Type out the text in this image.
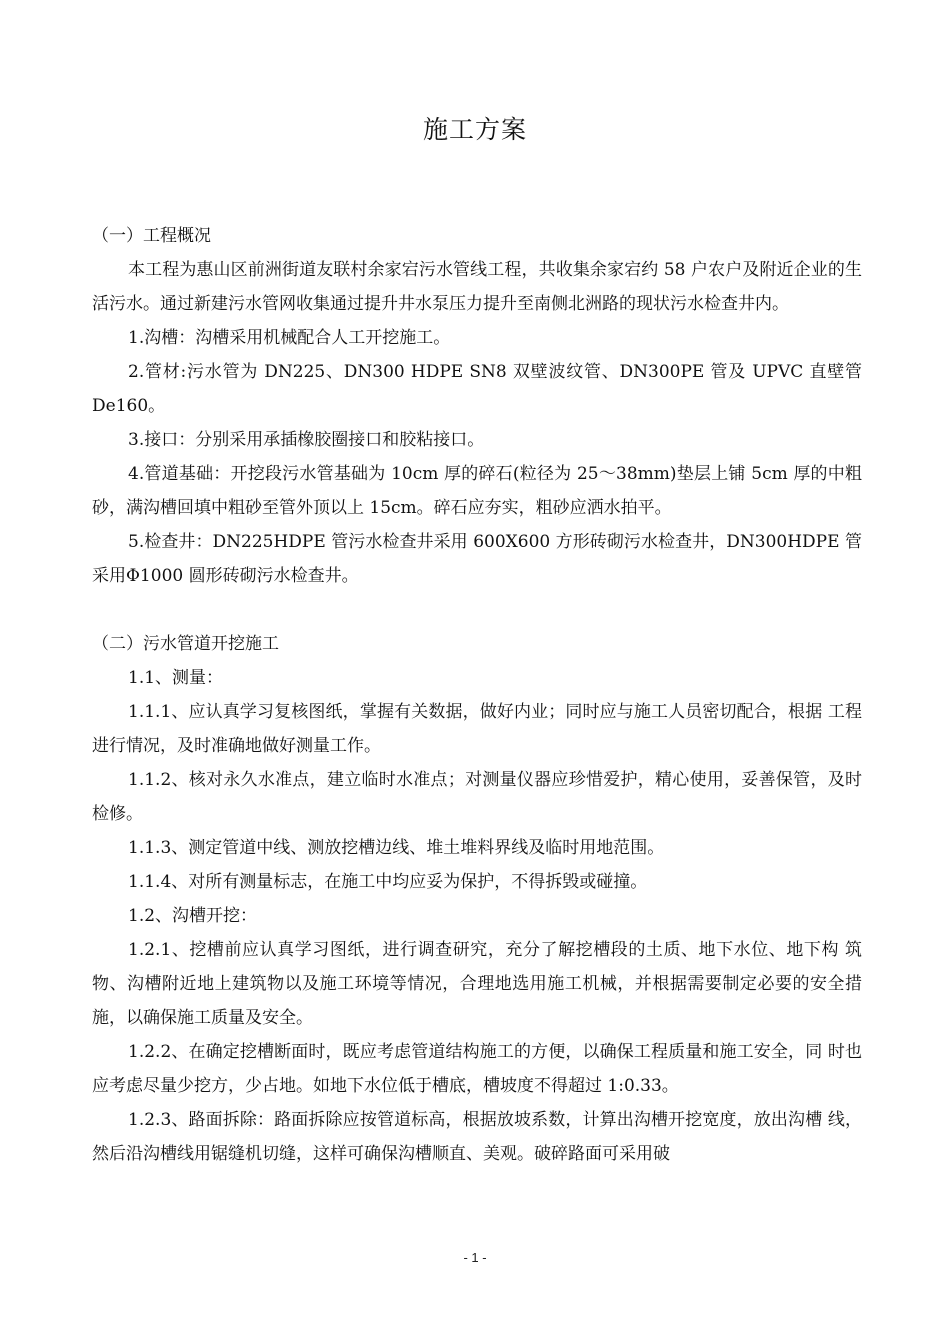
施工方案

（一）工程概况

本工程为惠山区前洲街道友联村余家宕污水管线工程，共收集余家宕约 58 户农户及附近企业的生活污水。通过新建污水管网收集通过提升井水泵压力提升至南侧北洲路的现状污水检查井内。

1.沟槽：沟槽采用机械配合人工开挖施工。

2.管材:污水管为 DN225、DN300 HDPE SN8 双壁波纹管、DN300PE 管及 UPVC 直壁管 De160。

3.接口：分别采用承插橡胶圈接口和胶粘接口。

4.管道基础：开挖段污水管基础为 10cm 厚的碎石(粒径为 25～38mm)垫层上铺 5cm 厚的中粗砂，满沟槽回填中粗砂至管外顶以上 15cm。碎石应夯实，粗砂应洒水拍平。

5.检查井：DN225HDPE 管污水检查井采用 600X600 方形砖砌污水检查井，DN300HDPE 管采用Φ1000 圆形砖砌污水检查井。

（二）污水管道开挖施工

1.1、测量：

1.1.1、应认真学习复核图纸，掌握有关数据，做好内业；同时应与施工人员密切配合，根据 工程进行情况，及时准确地做好测量工作。

1.1.2、核对永久水准点，建立临时水准点；对测量仪器应珍惜爱护，精心使用，妥善保管，及时检修。

1.1.3、测定管道中线、测放挖槽边线、堆土堆料界线及临时用地范围。

1.1.4、对所有测量标志，在施工中均应妥为保护，不得拆毁或碰撞。

1.2、沟槽开挖：

1.2.1、挖槽前应认真学习图纸，进行调查研究，充分了解挖槽段的土质、地下水位、地下构 筑物、沟槽附近地上建筑物以及施工环境等情况，合理地选用施工机械，并根据需要制定必要的安全措施，以确保施工质量及安全。

1.2.2、在确定挖槽断面时，既应考虑管道结构施工的方便，以确保工程质量和施工安全，同 时也应考虑尽量少挖方，少占地。如地下水位低于槽底，槽坡度不得超过 1:0.33。

1.2.3、路面拆除：路面拆除应按管道标高，根据放坡系数，计算出沟槽开挖宽度，放出沟槽 线，然后沿沟槽线用锯缝机切缝，这样可确保沟槽顺直、美观。破碎路面可采用破

- 1 -
